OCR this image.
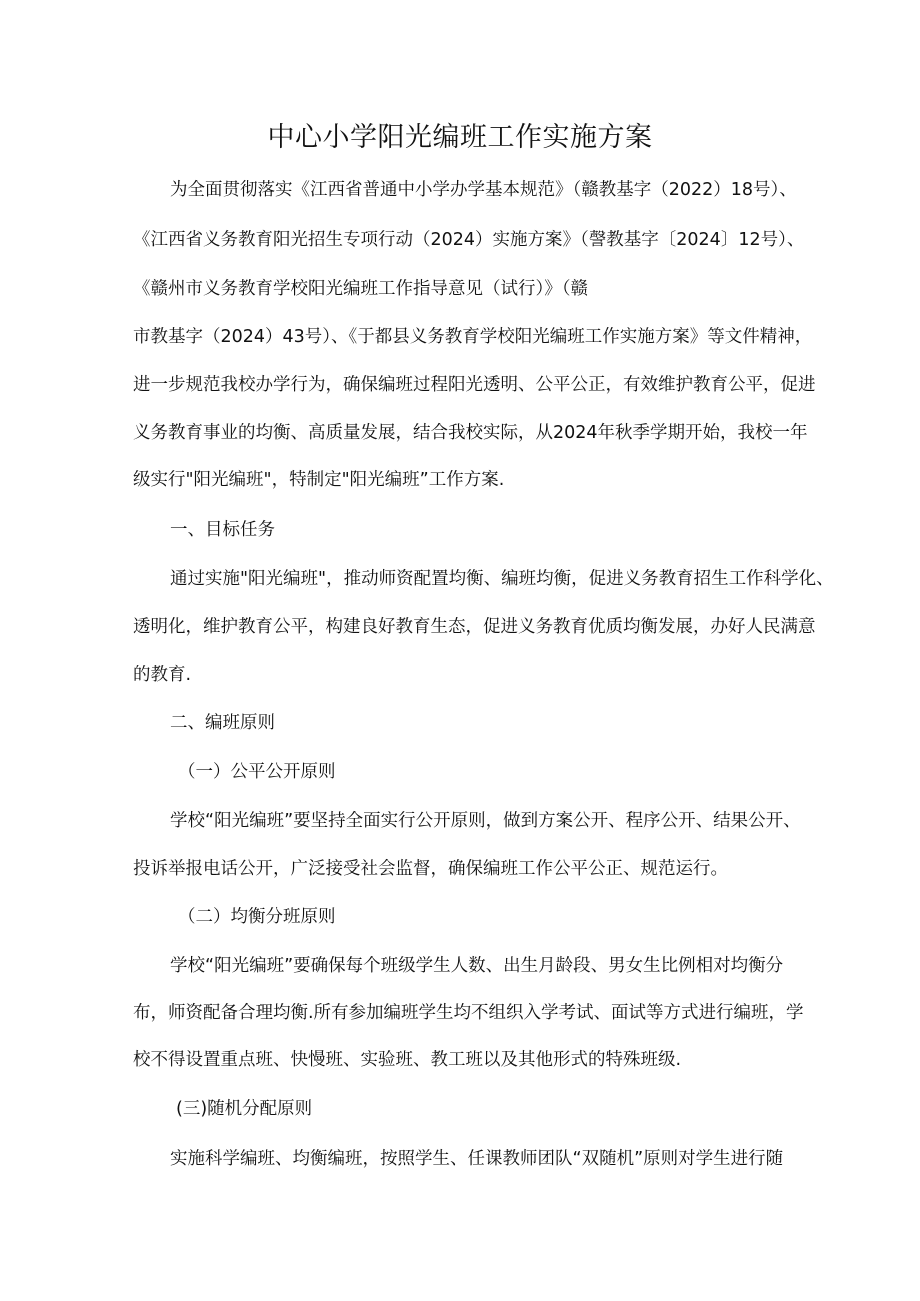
中心小学阳光编班工作实施方案
为全面贯彻落实《江西省普通中小学办学基本规范》（赣教基字（2022）18号）、
《江西省义务教育阳光招生专项行动（2024）实施方案》（謦教基字〔2024〕12号）、
《赣州市义务教育学校阳光编班工作指导意见（试行）》（赣
市教基字（2024）43号）、《于都县义务教育学校阳光编班工作实施方案》等文件精神，
进一步规范我校办学行为，确保编班过程阳光透明、公平公正，有效维护教育公平，促进
义务教育事业的均衡、高质量发展，结合我校实际，从2024年秋季学期开始，我校一年
级实行"阳光编班"，特制定"阳光编班”工作方案.
一、目标任务
通过实施"阳光编班"，推动师资配置均衡、编班均衡，促进义务教育招生工作科学化、
透明化，维护教育公平，构建良好教育生态，促进义务教育优质均衡发展，办好人民满意
的教育.
二、编班原则
（一）公平公开原则
学校“阳光编班”要坚持全面实行公开原则，做到方案公开、程序公开、结果公开、
投诉举报电话公开，广泛接受社会监督，确保编班工作公平公正、规范运行。
（二）均衡分班原则
学校“阳光编班”要确保每个班级学生人数、出生月龄段、男女生比例相对均衡分
布，师资配备合理均衡.所有参加编班学生均不组织入学考试、面试等方式进行编班，学
校不得设置重点班、快慢班、实验班、教工班以及其他形式的特殊班级.
(三)随机分配原则
实施科学编班、均衡编班，按照学生、任课教师团队“双随机”原则对学生进行随
